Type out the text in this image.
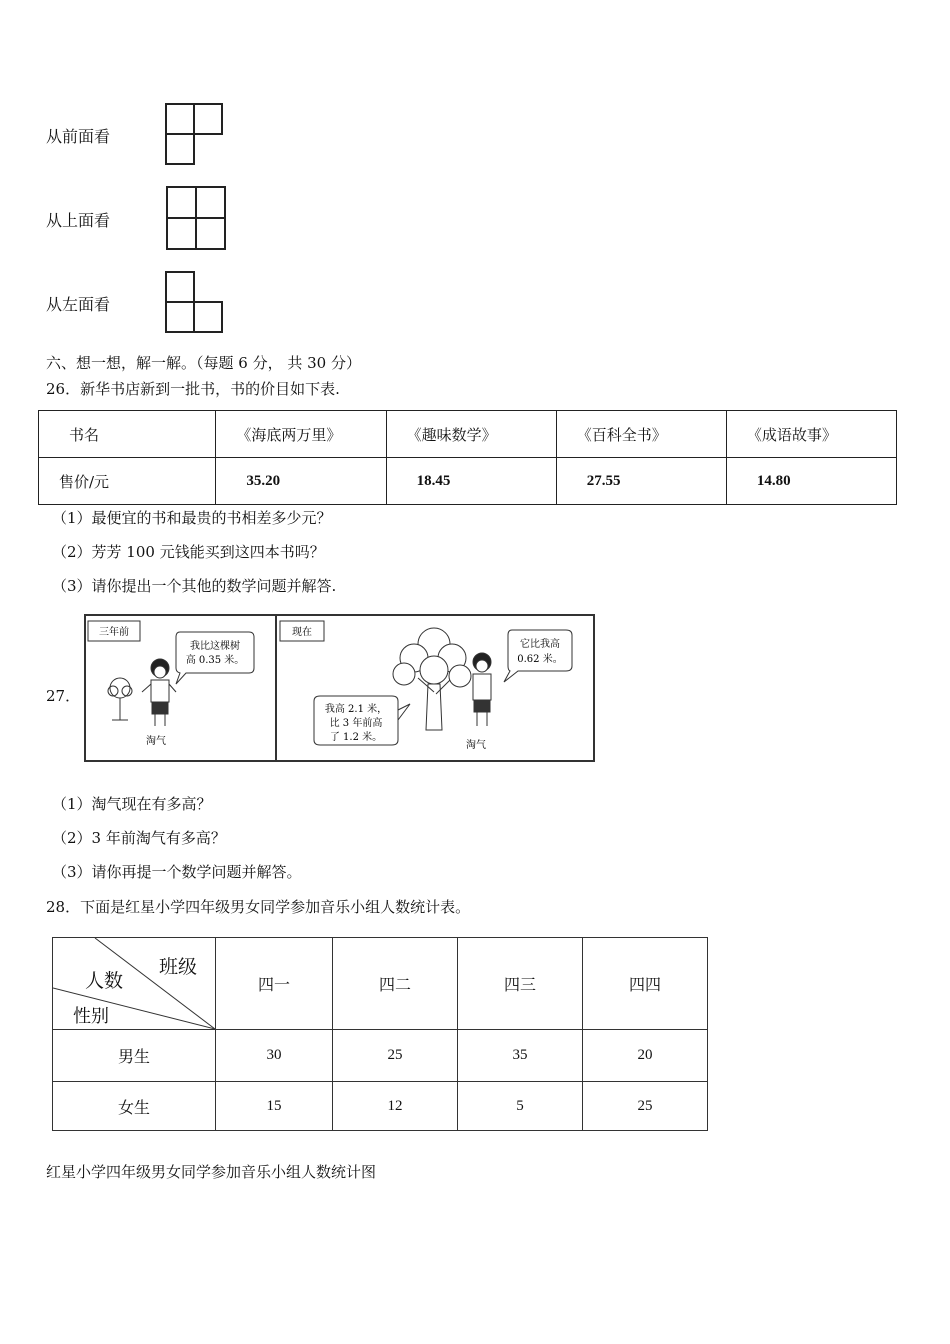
从前面看
从上面看
从左面看
六、想一想，解一解。（每题 6 分， 共 30 分）
26．新华书店新到一批书，书的价目如下表.
书名	《海底两万里》	《趣味数学》	《百科全书》	《成语故事》
售价/元	35.20	18.45	27.55	14.80
（1）最便宜的书和最贵的书相差多少元？
（2）芳芳 100 元钱能买到这四本书吗？
（3）请你提出一个其他的数学问题并解答.
27．
三年前
我比这棵树
高 0.35 米。
淘气
现在
它比我高
0.62 米。
我高 2.1 米，
比 3 年前高
了 1.2 米。
淘气
（1）淘气现在有多高？
（2）3 年前淘气有多高？
（3）请你再提一个数学问题并解答。
28．下面是红星小学四年级男女同学参加音乐小组人数统计表。
班级
人数
性别	四一	四二	四三	四四
男生	30	25	35	20
女生	15	12	5	25
红星小学四年级男女同学参加音乐小组人数统计图
